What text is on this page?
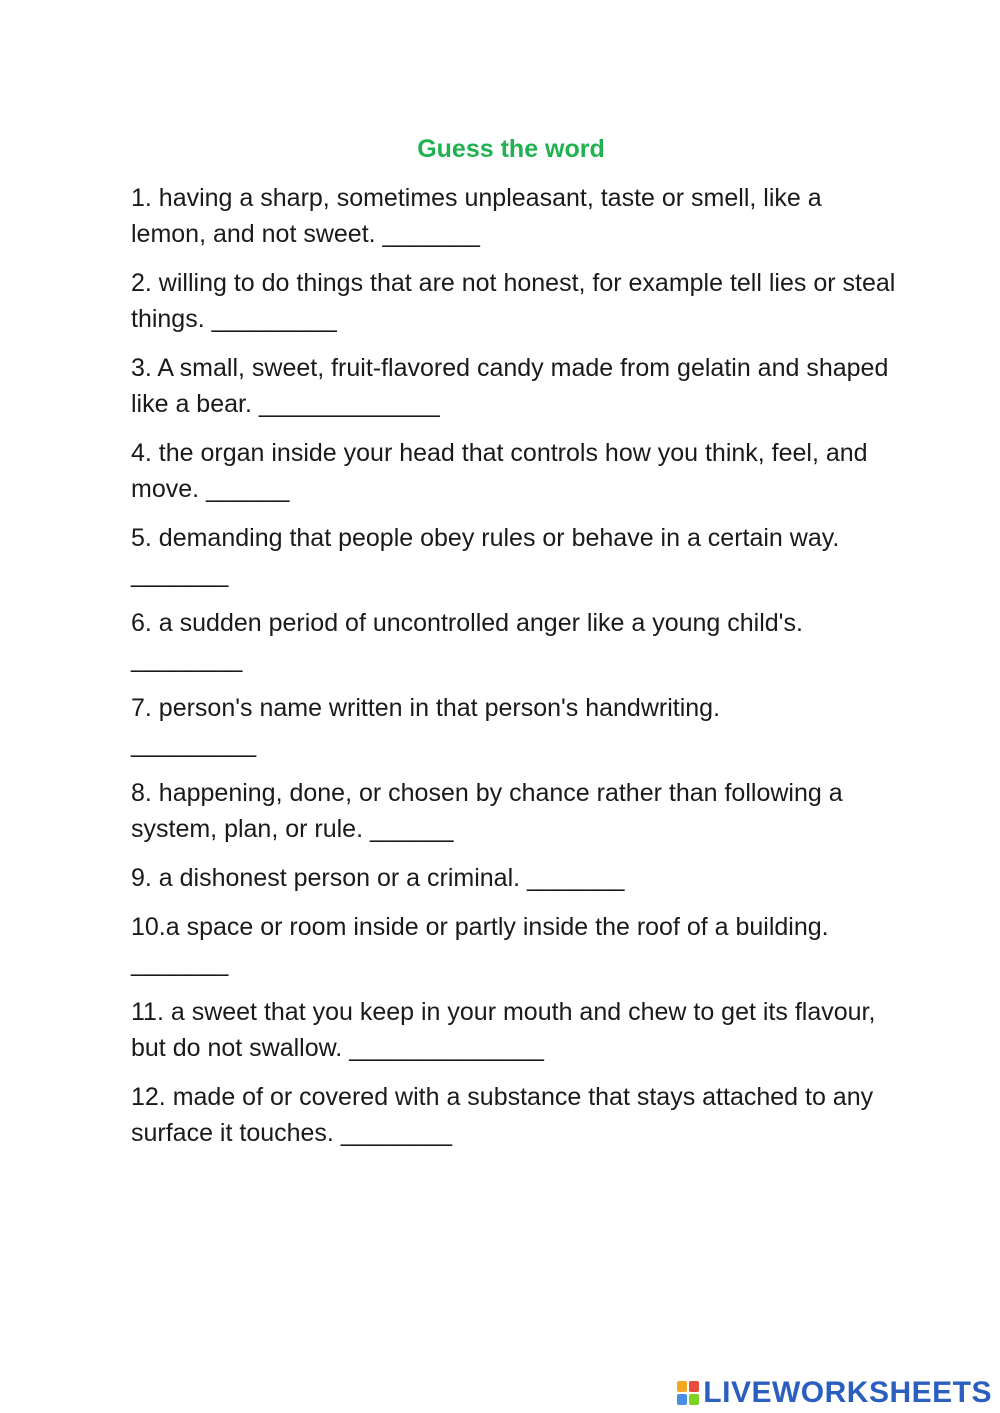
Guess the word
1. having a sharp, sometimes unpleasant, taste or smell, like a lemon, and not sweet. _______
2. willing to do things that are not honest, for example tell lies or steal things. _________
3. A small, sweet, fruit-flavored candy made from gelatin and shaped like a bear. _____________
4. the organ inside your head that controls how you think, feel, and move. ______
5. demanding that people obey rules or behave in a certain way. _______
6. a sudden period of uncontrolled anger like a young child's.
________
7. person's name written in that person's handwriting.
_________
8. happening, done, or chosen by chance rather than following a system, plan, or rule. ______
9. a dishonest person or a criminal. _______
10.a space or room inside or partly inside the roof of a building.
_______
11. a sweet that you keep in your mouth and chew to get its flavour, but do not swallow. ______________
12. made of or covered with a substance that stays attached to any surface it touches. ________
LIVEWORKSHEETS
